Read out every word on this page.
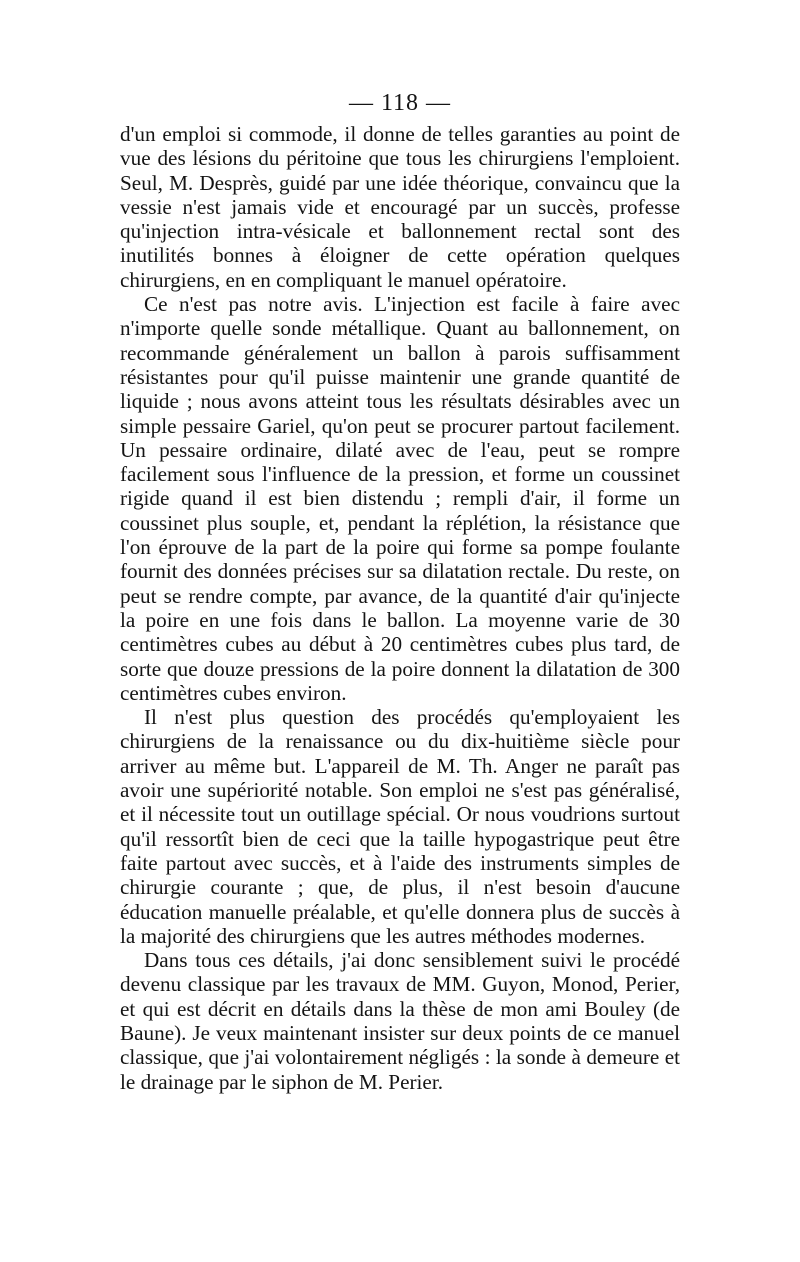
— 118 —

d'un emploi si commode, il donne de telles garanties au point de vue des lésions du péritoine que tous les chirurgiens l'emploient. Seul, M. Desprès, guidé par une idée théorique, convaincu que la vessie n'est jamais vide et encouragé par un succès, professe qu'injection intra-vésicale et ballonnement rectal sont des inutilités bonnes à éloigner de cette opération quelques chirurgiens, en en compliquant le manuel opératoire.

Ce n'est pas notre avis. L'injection est facile à faire avec n'importe quelle sonde métallique. Quant au ballonnement, on recommande généralement un ballon à parois suffisamment résistantes pour qu'il puisse maintenir une grande quantité de liquide ; nous avons atteint tous les résultats désirables avec un simple pessaire Gariel, qu'on peut se procurer partout facilement. Un pessaire ordinaire, dilaté avec de l'eau, peut se rompre facilement sous l'influence de la pression, et forme un coussinet rigide quand il est bien distendu ; rempli d'air, il forme un coussinet plus souple, et, pendant la réplétion, la résistance que l'on éprouve de la part de la poire qui forme sa pompe foulante fournit des données précises sur sa dilatation rectale. Du reste, on peut se rendre compte, par avance, de la quantité d'air qu'injecte la poire en une fois dans le ballon. La moyenne varie de 30 centimètres cubes au début à 20 centimètres cubes plus tard, de sorte que douze pressions de la poire donnent la dilatation de 300 centimètres cubes environ.

Il n'est plus question des procédés qu'employaient les chirurgiens de la renaissance ou du dix-huitième siècle pour arriver au même but. L'appareil de M. Th. Anger ne paraît pas avoir une supériorité notable. Son emploi ne s'est pas généralisé, et il nécessite tout un outillage spécial. Or nous voudrions surtout qu'il ressortît bien de ceci que la taille hypogastrique peut être faite partout avec succès, et à l'aide des instruments simples de chirurgie courante ; que, de plus, il n'est besoin d'aucune éducation manuelle préalable, et qu'elle donnera plus de succès à la majorité des chirurgiens que les autres méthodes modernes.

Dans tous ces détails, j'ai donc sensiblement suivi le procédé devenu classique par les travaux de MM. Guyon, Monod, Perier, et qui est décrit en détails dans la thèse de mon ami Bouley (de Baune). Je veux maintenant insister sur deux points de ce manuel classique, que j'ai volontairement négligés : la sonde à demeure et le drainage par le siphon de M. Perier.
